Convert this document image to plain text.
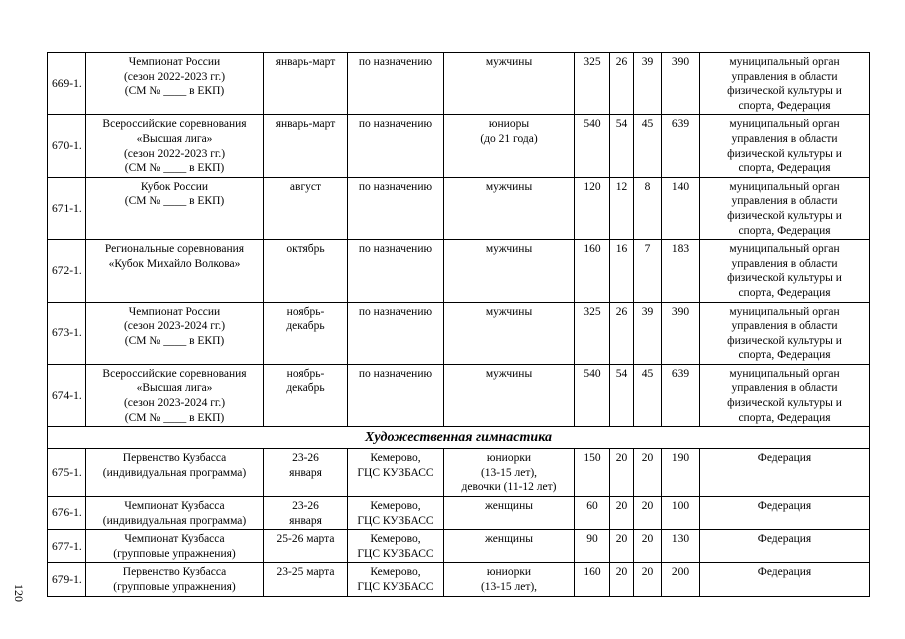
669-1.	Чемпионат России
(сезон 2022-2023 гг.)
(СМ № ____ в ЕКП)	январь-март	по назначению	мужчины	325	26	39	390	муниципальный орган
управления в области
физической культуры и
спорта, Федерация
670-1.	Всероссийские соревнования
«Высшая лига»
(сезон 2022-2023 гг.)
(СМ № ____ в ЕКП)	январь-март	по назначению	юниоры
(до 21 года)	540	54	45	639	муниципальный орган
управления в области
физической культуры и
спорта, Федерация
671-1.	Кубок России
(СМ № ____ в ЕКП)	август	по назначению	мужчины	120	12	8	140	муниципальный орган
управления в области
физической культуры и
спорта, Федерация
672-1.	Региональные соревнования
«Кубок Михайло Волкова»	октябрь	по назначению	мужчины	160	16	7	183	муниципальный орган
управления в области
физической культуры и
спорта, Федерация
673-1.	Чемпионат России
(сезон 2023-2024 гг.)
(СМ № ____ в ЕКП)	ноябрь-
декабрь	по назначению	мужчины	325	26	39	390	муниципальный орган
управления в области
физической культуры и
спорта, Федерация
674-1.	Всероссийские соревнования
«Высшая лига»
(сезон 2023-2024 гг.)
(СМ № ____ в ЕКП)	ноябрь-
декабрь	по назначению	мужчины	540	54	45	639	муниципальный орган
управления в области
физической культуры и
спорта, Федерация
Художественная гимнастика									
675-1.	Первенство Кузбасса
(индивидуальная программа)	23-26
января	Кемерово,
ГЦС КУЗБАСС	юниорки
(13-15 лет),
девочки (11-12 лет)	150	20	20	190	Федерация
676-1.	Чемпионат Кузбасса
(индивидуальная программа)	23-26
января	Кемерово,
ГЦС КУЗБАСС	женщины	60	20	20	100	Федерация
677-1.	Чемпионат Кузбасса
(групповые упражнения)	25-26 марта	Кемерово,
ГЦС КУЗБАСС	женщины	90	20	20	130	Федерация
679-1.	Первенство Кузбасса
(групповые упражнения)	23-25 марта	Кемерово,
ГЦС КУЗБАСС	юниорки
(13-15 лет),	160	20	20	200	Федерация
120
